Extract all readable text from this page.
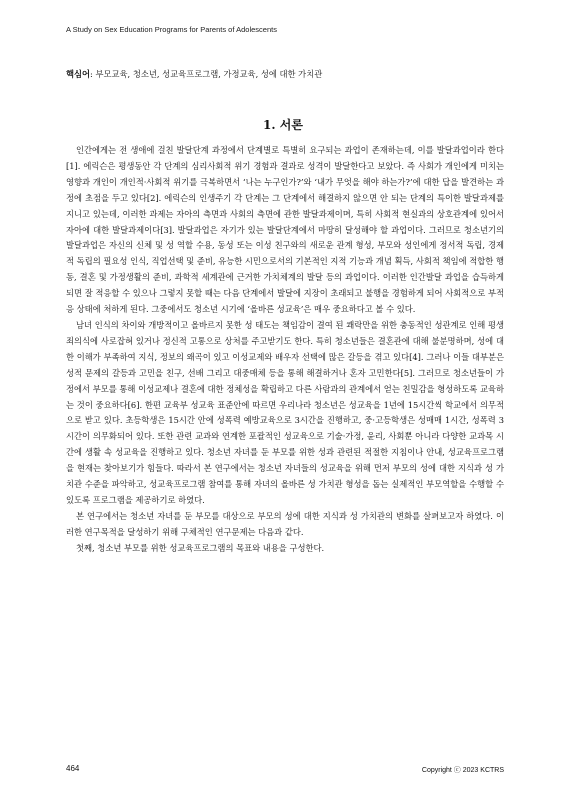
A Study on Sex Education Programs for Parents of Adolescents
핵심어: 부모교육, 청소년, 성교육프로그램, 가정교육, 성에 대한 가치관
1. 서론

인간에게는 전 생애에 걸친 발달단계 과정에서 단계별로 특별히 요구되는 과업이 존재하는데, 이를 발달과업이라 한다[1]. 에릭슨은 평생동안 각 단계의 심리사회적 위기 경험과 결과로 성격이 발달한다고 보았다. 즉 사회가 개인에게 미치는 영향과 개인이 개인적·사회적 위기를 극복하면서 ‘나는 누구인가?’와 ‘내가 무엇을 해야 하는가?’에 대한 답을 발견하는 과정에 초점을 두고 있다[2]. 에릭슨의 인생주기 각 단계는 그 단계에서 해결하지 않으면 안 되는 단계의 특이한 발달과제를 지니고 있는데, 이러한 과제는 자아의 측면과 사회의 측면에 관한 발달과제이며, 특히 사회적 현실과의 상호관계에 있어서 자아에 대한 발달과제이다[3]. 발달과업은 자기가 있는 발달단계에서 마땅히 달성해야 할 과업이다. 그러므로 청소년기의 발달과업은 자신의 신체 및 성 역할 수용, 동성 또는 이성 친구와의 새로운 관계 형성, 부모와 성인에게 정서적 독립, 경제적 독립의 필요성 인식, 직업선택 및 준비, 유능한 시민으로서의 기본적인 지적 기능과 개념 획득, 사회적 책임에 적합한 행동, 결혼 및 가정생활의 준비, 과학적 세계관에 근거한 가치체계의 발달 등의 과업이다. 이러한 인간발달 과업을 습득하게 되면 잘 적응할 수 있으나 그렇지 못할 때는 다음 단계에서 발달에 지장이 초래되고 불행을 경험하게 되어 사회적으로 부적응 상태에 처하게 된다. 그중에서도 청소년 시기에 ‘올바른 성교육’은 매우 중요하다고 볼 수 있다.

남녀 인식의 차이와 개방적이고 올바르지 못한 성 태도는 책임감이 결여 된 쾌락만을 위한 충동적인 성관계로 인해 평생 죄의식에 사로잡혀 있거나 정신적 고통으로 상처를 주고받기도 한다. 특히 청소년들은 결혼관에 대해 불분명하며, 성에 대한 이해가 부족하여 지식, 정보의 왜곡이 있고 이성교제와 배우자 선택에 많은 갈등을 겪고 있다[4]. 그러나 이들 대부분은 성적 문제의 갈등과 고민을 친구, 선배 그리고 대중매체 등을 통해 해결하거나 혼자 고민한다[5]. 그러므로 청소년들이 가정에서 부모를 통해 이성교제나 결혼에 대한 정체성을 확립하고 다른 사람과의 관계에서 얻는 친밀감을 형성하도록 교육하는 것이 중요하다[6]. 한편 교육부 성교육 표준안에 따르면 우리나라 청소년은 성교육을 1년에 15시간씩 학교에서 의무적으로 받고 있다. 초등학생은 15시간 안에 성폭력 예방교육으로 3시간을 진행하고, 중·고등학생은 성매매 1시간, 성폭력 3시간이 의무화되어 있다. 또한 관련 교과와 연계한 포괄적인 성교육으로 기술·가정, 윤리, 사회뿐 아니라 다양한 교과목 시간에 생활 속 성교육을 진행하고 있다. 청소년 자녀를 둔 부모를 위한 성과 관련된 적절한 지침이나 안내, 성교육프로그램을 현재는 찾아보기가 힘들다. 따라서 본 연구에서는 청소년 자녀들의 성교육을 위해 먼저 부모의 성에 대한 지식과 성 가치관 수준을 파악하고, 성교육프로그램 참여를 통해 자녀의 올바른 성 가치관 형성을 돕는 실제적인 부모역할을 수행할 수 있도록 프로그램을 제공하기로 하였다.

본 연구에서는 청소년 자녀를 둔 부모를 대상으로 부모의 성에 대한 지식과 성 가치관의 변화를 살펴보고자 하였다. 이러한 연구목적을 달성하기 위해 구체적인 연구문제는 다음과 같다.

첫째, 청소년 부모를 위한 성교육프로그램의 목표와 내용을 구성한다.

464	Copyright ⓒ 2023 KCTRS
